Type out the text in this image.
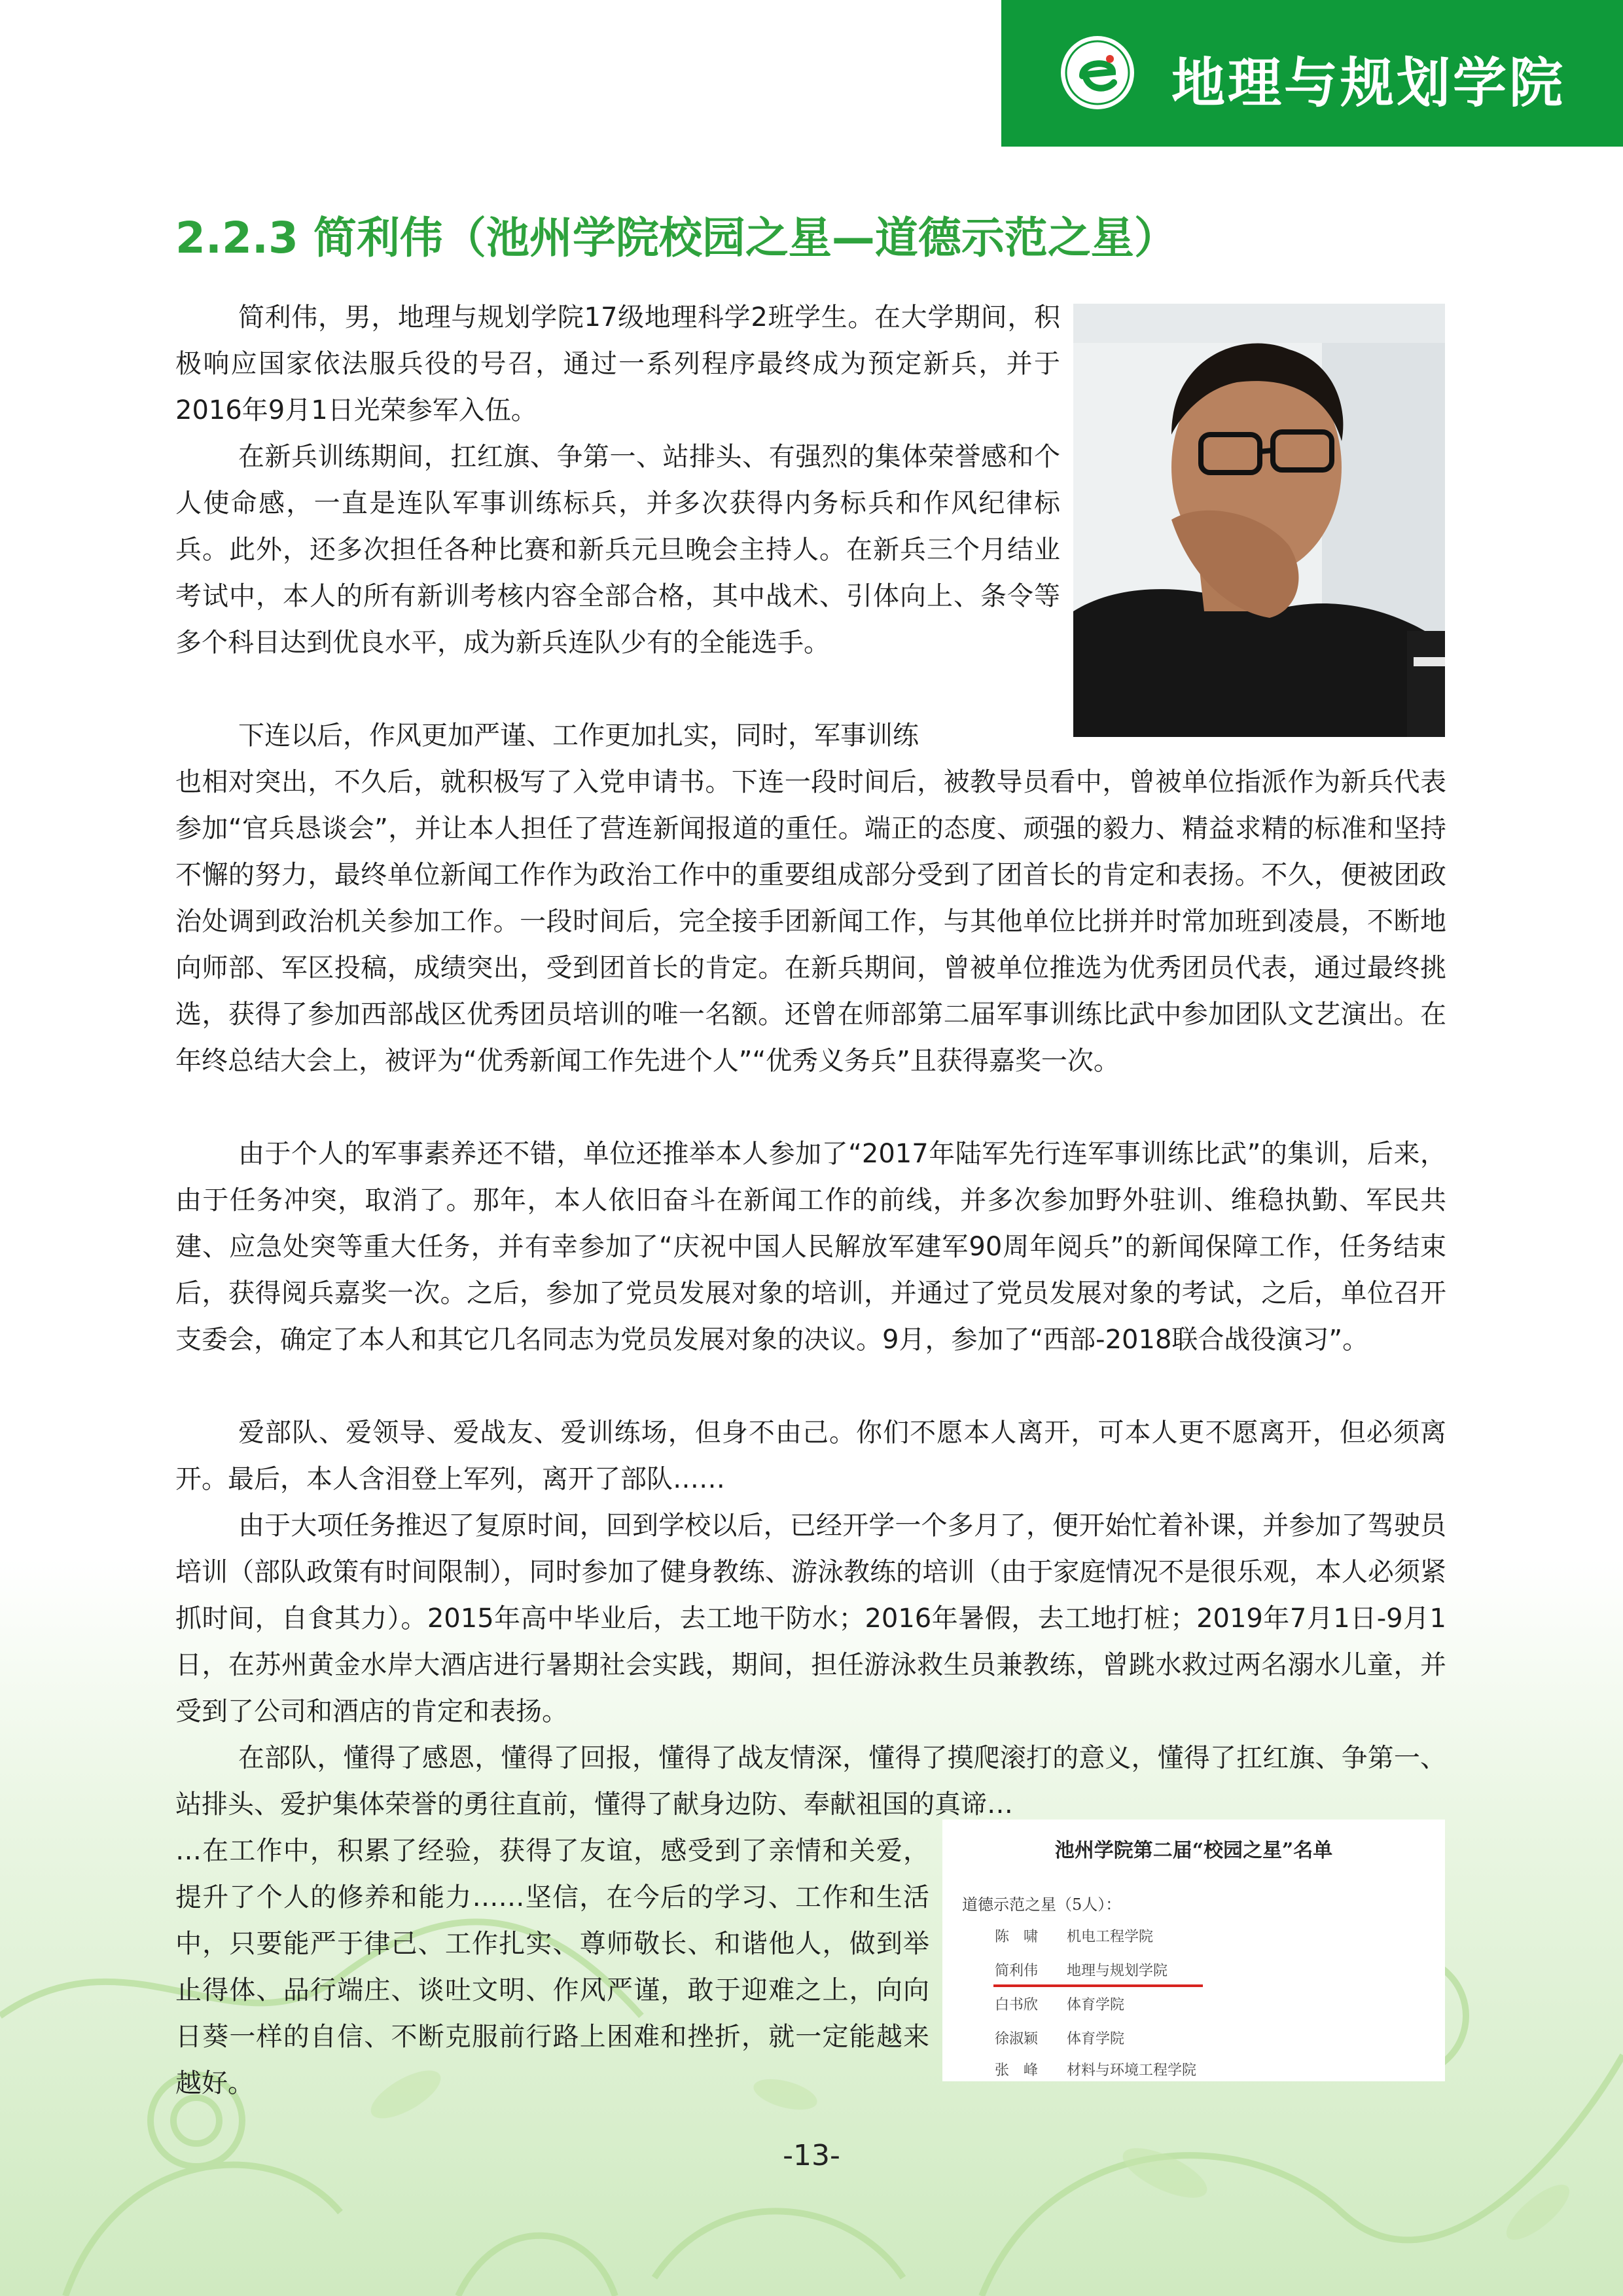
地理与规划学院
2.2.3 简利伟（池州学院校园之星—道德示范之星）

简利伟，男，地理与规划学院17级地理科学2班学生。在大学期间，积极响应国家依法服兵役的号召，通过一系列程序最终成为预定新兵，并于2016年9月1日光荣参军入伍。

在新兵训练期间，扛红旗、争第一、站排头、有强烈的集体荣誉感和个人使命感，一直是连队军事训练标兵，并多次获得内务标兵和作风纪律标兵。此外，还多次担任各种比赛和新兵元旦晚会主持人。在新兵三个月结业考试中，本人的所有新训考核内容全部合格，其中战术、引体向上、条令等多个科目达到优良水平，成为新兵连队少有的全能选手。

下连以后，作风更加严谨、工作更加扎实，同时，军事训练

也相对突出，不久后，就积极写了入党申请书。下连一段时间后，被教导员看中，曾被单位指派作为新兵代表参加“官兵恳谈会”，并让本人担任了营连新闻报道的重任。端正的态度、顽强的毅力、精益求精的标准和坚持不懈的努力，最终单位新闻工作作为政治工作中的重要组成部分受到了团首长的肯定和表扬。不久，便被团政治处调到政治机关参加工作。一段时间后，完全接手团新闻工作，与其他单位比拼并时常加班到凌晨，不断地向师部、军区投稿，成绩突出，受到团首长的肯定。在新兵期间，曾被单位推选为优秀团员代表，通过最终挑选，获得了参加西部战区优秀团员培训的唯一名额。还曾在师部第二届军事训练比武中参加团队文艺演出。在年终总结大会上，被评为“优秀新闻工作先进个人”“优秀义务兵”且获得嘉奖一次。

由于个人的军事素养还不错，单位还推举本人参加了“2017年陆军先行连军事训练比武”的集训，后来，由于任务冲突，取消了。那年，本人依旧奋斗在新闻工作的前线，并多次参加野外驻训、维稳执勤、军民共建、应急处突等重大任务，并有幸参加了“庆祝中国人民解放军建军90周年阅兵”的新闻保障工作，任务结束后，获得阅兵嘉奖一次。之后，参加了党员发展对象的培训，并通过了党员发展对象的考试，之后，单位召开支委会，确定了本人和其它几名同志为党员发展对象的决议。9月，参加了“西部-2018联合战役演习”。

爱部队、爱领导、爱战友、爱训练场，但身不由己。你们不愿本人离开，可本人更不愿离开，但必须离开。最后，本人含泪登上军列，离开了部队……

由于大项任务推迟了复原时间，回到学校以后，已经开学一个多月了，便开始忙着补课，并参加了驾驶员培训（部队政策有时间限制），同时参加了健身教练、游泳教练的培训（由于家庭情况不是很乐观，本人必须紧抓时间，自食其力）。2015年高中毕业后，去工地干防水；2016年暑假，去工地打桩；2019年7月1日-9月1日，在苏州黄金水岸大酒店进行暑期社会实践，期间，担任游泳救生员兼教练，曾跳水救过两名溺水儿童，并受到了公司和酒店的肯定和表扬。

在部队，懂得了感恩，懂得了回报，懂得了战友情深，懂得了摸爬滚打的意义，懂得了扛红旗、争第一、站排头、爱护集体荣誉的勇往直前，懂得了献身边防、奉献祖国的真谛…

…在工作中，积累了经验，获得了友谊，感受到了亲情和关爱，提升了个人的修养和能力……坚信，在今后的学习、工作和生活中，只要能严于律己、工作扎实、尊师敬长、和谐他人，做到举止得体、品行端庄、谈吐文明、作风严谨，敢于迎难之上，向向日葵一样的自信、不断克服前行路上困难和挫折，就一定能越来越好。

池州学院第二届“校园之星”名单
道德示范之星（5人）：
陈　啸 机电工程学院
简利伟 地理与规划学院
白书欣 体育学院
徐淑颖 体育学院
张　峰 材料与环境工程学院
-13-
